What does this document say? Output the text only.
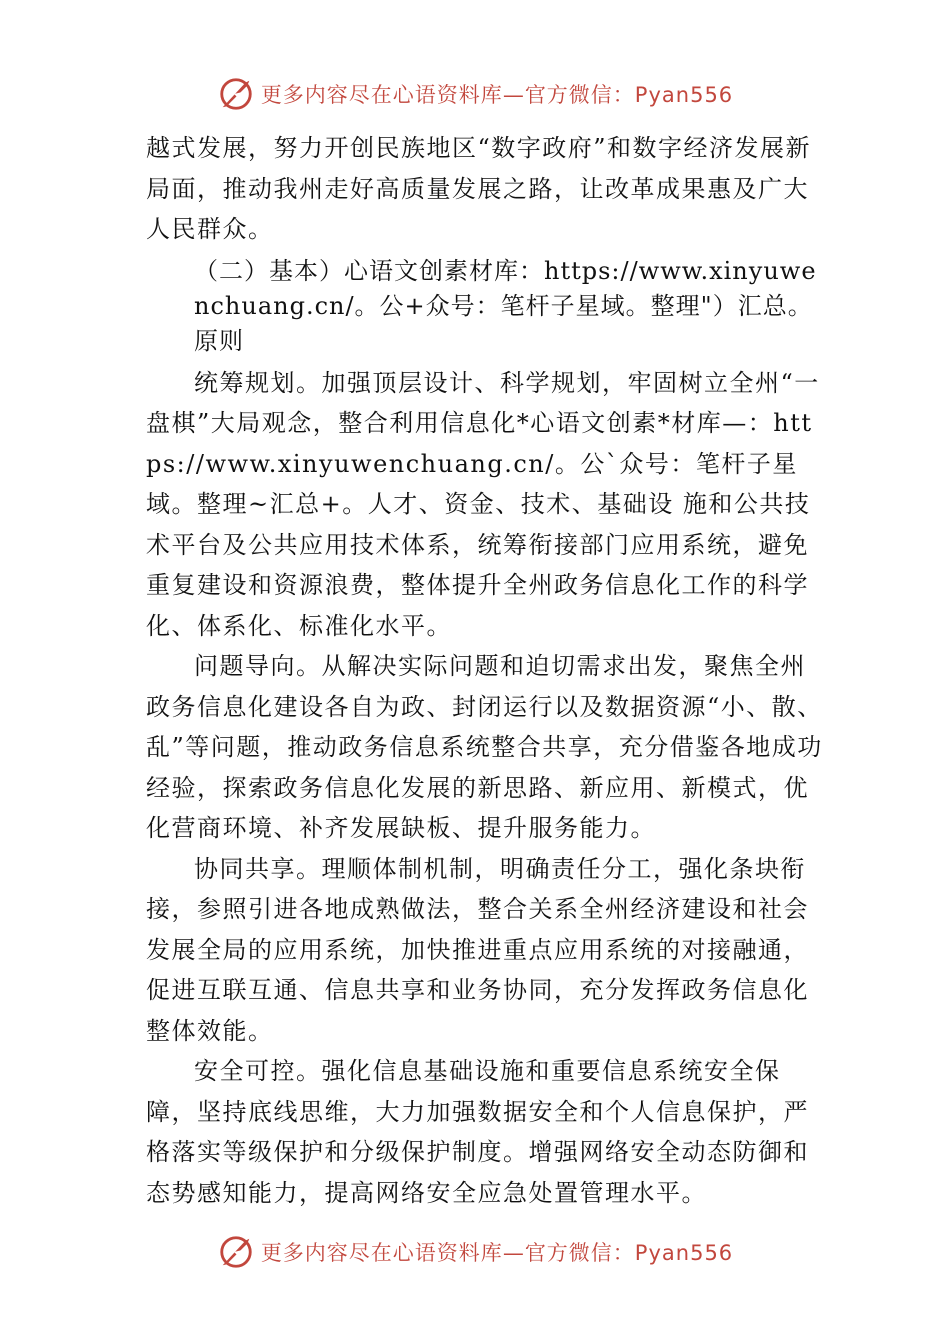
更多内容尽在心语资料库—官方微信：Pyan556

越式发展，努力开创民族地区“数字政府”和数字经济发展新局面，推动我州走好高质量发展之路，让改革成果惠及广大人民群众。

（二）基本）心语文创素材库：https://www.xinyuwenchuang.cn/。公+众号：笔杆子星域。整理"）汇总。原则

统筹规划。加强顶层设计、科学规划，牢固树立全州“一盘棋”大局观念，整合利用信息化*心语文创素*材库—：https://www.xinyuwenchuang.cn/。公`众号：笔杆子星域。整理~汇总+。人才、资金、技术、基础设 施和公共技术平台及公共应用技术体系，统筹衔接部门应用系统，避免重复建设和资源浪费，整体提升全州政务信息化工作的科学化、体系化、标准化水平。

问题导向。从解决实际问题和迫切需求出发，聚焦全州政务信息化建设各自为政、封闭运行以及数据资源“小、散、乱”等问题，推动政务信息系统整合共享，充分借鉴各地成功经验，探索政务信息化发展的新思路、新应用、新模式，优化营商环境、补齐发展缺板、提升服务能力。

协同共享。理顺体制机制，明确责任分工，强化条块衔接，参照引进各地成熟做法，整合关系全州经济建设和社会发展全局的应用系统，加快推进重点应用系统的对接融通， 促进互联互通、信息共享和业务协同，充分发挥政务信息化整体效能。

安全可控。强化信息基础设施和重要信息系统安全保障，坚持底线思维，大力加强数据安全和个人信息保护，严格落实等级保护和分级保护制度。增强网络安全动态防御和态势感知能力，提高网络安全应急处置管理水平。

更多内容尽在心语资料库—官方微信：Pyan556
